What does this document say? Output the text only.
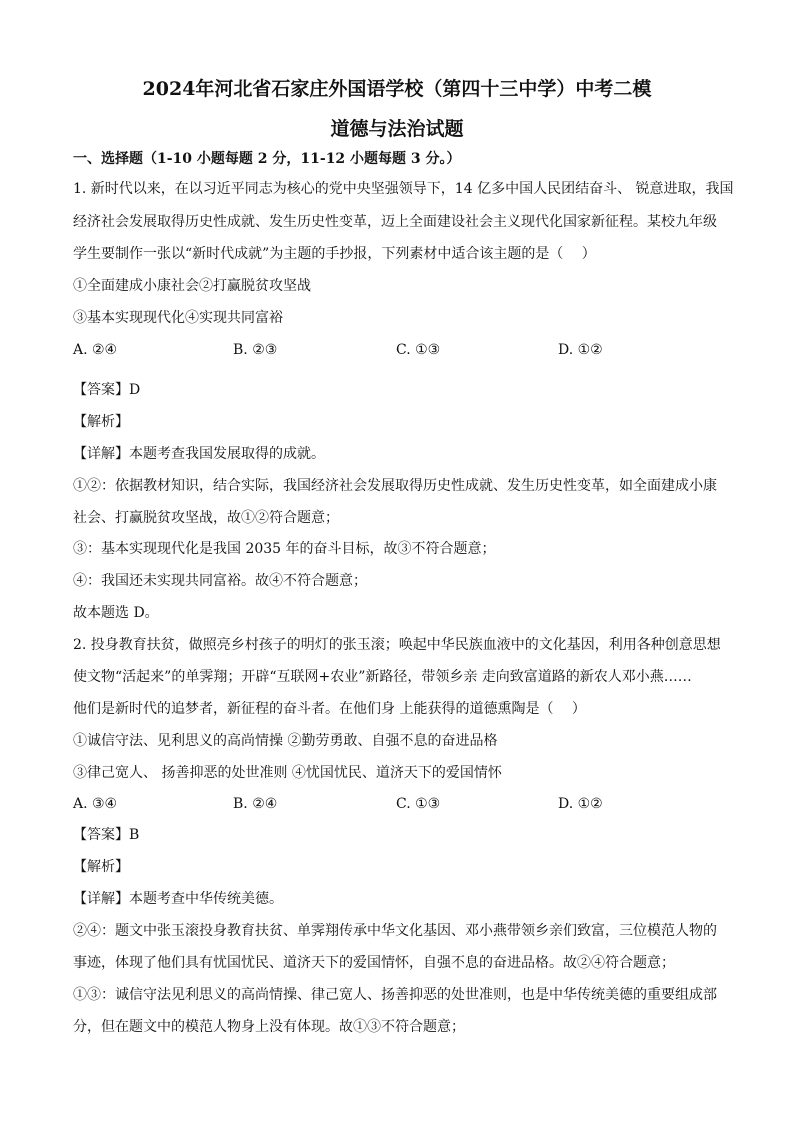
2024年河北省石家庄外国语学校（第四十三中学）中考二模
道德与法治试题
一、选择题（1-10 小题每题 2 分，11-12 小题每题 3 分。）
1. 新时代以来，在以习近平同志为核心的党中央坚强领导下，14 亿多中国人民团结奋斗、 锐意进取，我国
经济社会发展取得历史性成就、发生历史性变革，迈上全面建设社会主义现代化国家新征程。某校九年级
学生要制作一张以“新时代成就”为主题的手抄报，下列素材中适合该主题的是（　 ）
①全面建成小康社会②打赢脱贫攻坚战
③基本实现现代化④实现共同富裕
A. ②④	B. ②③	C. ①③	D. ①②
【答案】D
【解析】
【详解】本题考查我国发展取得的成就。
①②：依据教材知识，结合实际，我国经济社会发展取得历史性成就、发生历史性变革，如全面建成小康
社会、打赢脱贫攻坚战，故①②符合题意；
③：基本实现现代化是我国 2035 年的奋斗目标，故③不符合题意；
④：我国还未实现共同富裕。故④不符合题意；
故本题选 D。
2. 投身教育扶贫，做照亮乡村孩子的明灯的张玉滚；唤起中华民族血液中的文化基因，利用各种创意思想
使文物“活起来”的单霁翔；开辟“互联网+农业”新路径，带领乡亲 走向致富道路的新农人邓小燕……
他们是新时代的追梦者，新征程的奋斗者。在他们身 上能获得的道德熏陶是（　 ）
①诚信守法、见利思义的高尚情操 ②勤劳勇敢、自强不息的奋进品格
③律己宽人、 扬善抑恶的处世准则 ④忧国忧民、道济天下的爱国情怀
A. ③④	B. ②④	C. ①③	D. ①②
【答案】B
【解析】
【详解】本题考查中华传统美德。
②④：题文中张玉滚投身教育扶贫、单霁翔传承中华文化基因、邓小燕带领乡亲们致富，三位模范人物的
事迹，体现了他们具有忧国忧民、道济天下的爱国情怀，自强不息的奋进品格。故②④符合题意；
①③：诚信守法见利思义的高尚情操、律己宽人、扬善抑恶的处世准则，也是中华传统美德的重要组成部
分，但在题文中的模范人物身上没有体现。故①③不符合题意；
